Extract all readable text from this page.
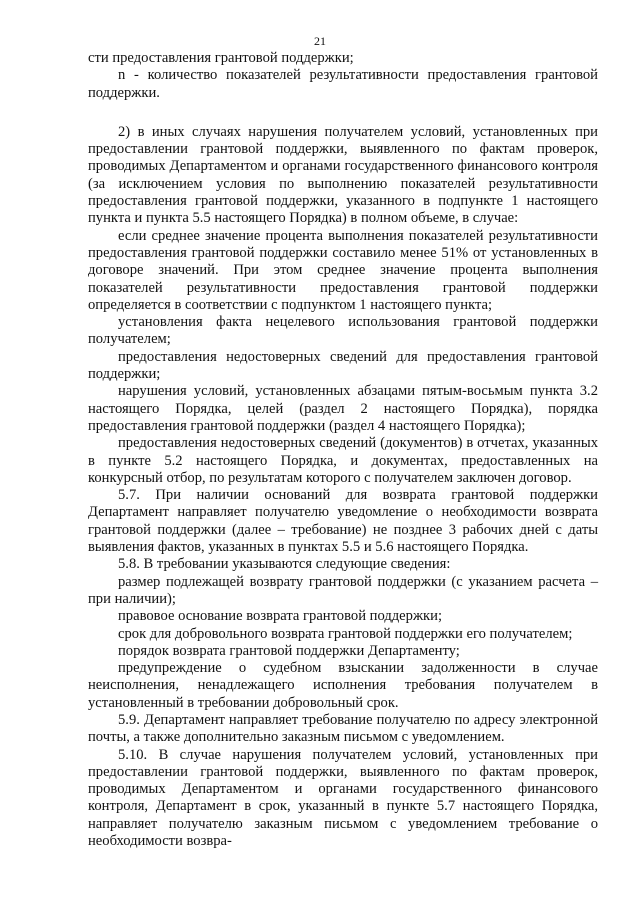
21

сти предоставления грантовой поддержки;

n - количество показателей результативности предоставления грантовой поддержки.

2) в иных случаях нарушения получателем условий, установленных при предоставлении грантовой поддержки, выявленного по фактам проверок, проводимых Департаментом и органами государственного финансового контроля (за исключением условия по выполнению показателей результативности предоставления грантовой поддержки, указанного в подпункте 1 настоящего пункта и пункта 5.5 настоящего Порядка) в полном объеме, в случае:

если среднее значение процента выполнения показателей результативности предоставления грантовой поддержки составило менее 51% от установленных в договоре значений. При этом среднее значение процента выполнения показателей результативности предоставления грантовой поддержки определяется в соответствии с подпунктом 1 настоящего пункта;

установления факта нецелевого использования грантовой поддержки получателем;

предоставления недостоверных сведений для предоставления грантовой поддержки;

нарушения условий, установленных абзацами пятым-восьмым пункта 3.2 настоящего Порядка, целей (раздел 2 настоящего Порядка), порядка предоставления грантовой поддержки (раздел 4 настоящего Порядка);

предоставления недостоверных сведений (документов) в отчетах, указанных в пункте 5.2 настоящего Порядка, и документах, предоставленных на конкурсный отбор, по результатам которого с получателем заключен договор.

5.7. При наличии оснований для возврата грантовой поддержки Департамент направляет получателю уведомление о необходимости возврата грантовой поддержки (далее – требование) не позднее 3 рабочих дней с даты выявления фактов, указанных в пунктах 5.5 и 5.6 настоящего Порядка.

5.8. В требовании указываются следующие сведения:

размер подлежащей возврату грантовой поддержки (с указанием расчета – при наличии);

правовое основание возврата грантовой поддержки;

срок для добровольного возврата грантовой поддержки его получателем;

порядок возврата грантовой поддержки Департаменту;

предупреждение о судебном взыскании задолженности в случае неисполнения, ненадлежащего исполнения требования получателем в установленный в требовании добровольный срок.

5.9. Департамент направляет требование получателю по адресу электронной почты, а также дополнительно заказным письмом с уведомлением.

5.10. В случае нарушения получателем условий, установленных при предоставлении грантовой поддержки, выявленного по фактам проверок, проводимых Департаментом и органами государственного финансового контроля, Департамент в срок, указанный в пункте 5.7 настоящего Порядка, направляет получателю заказным письмом с уведомлением требование о необходимости возвра-
